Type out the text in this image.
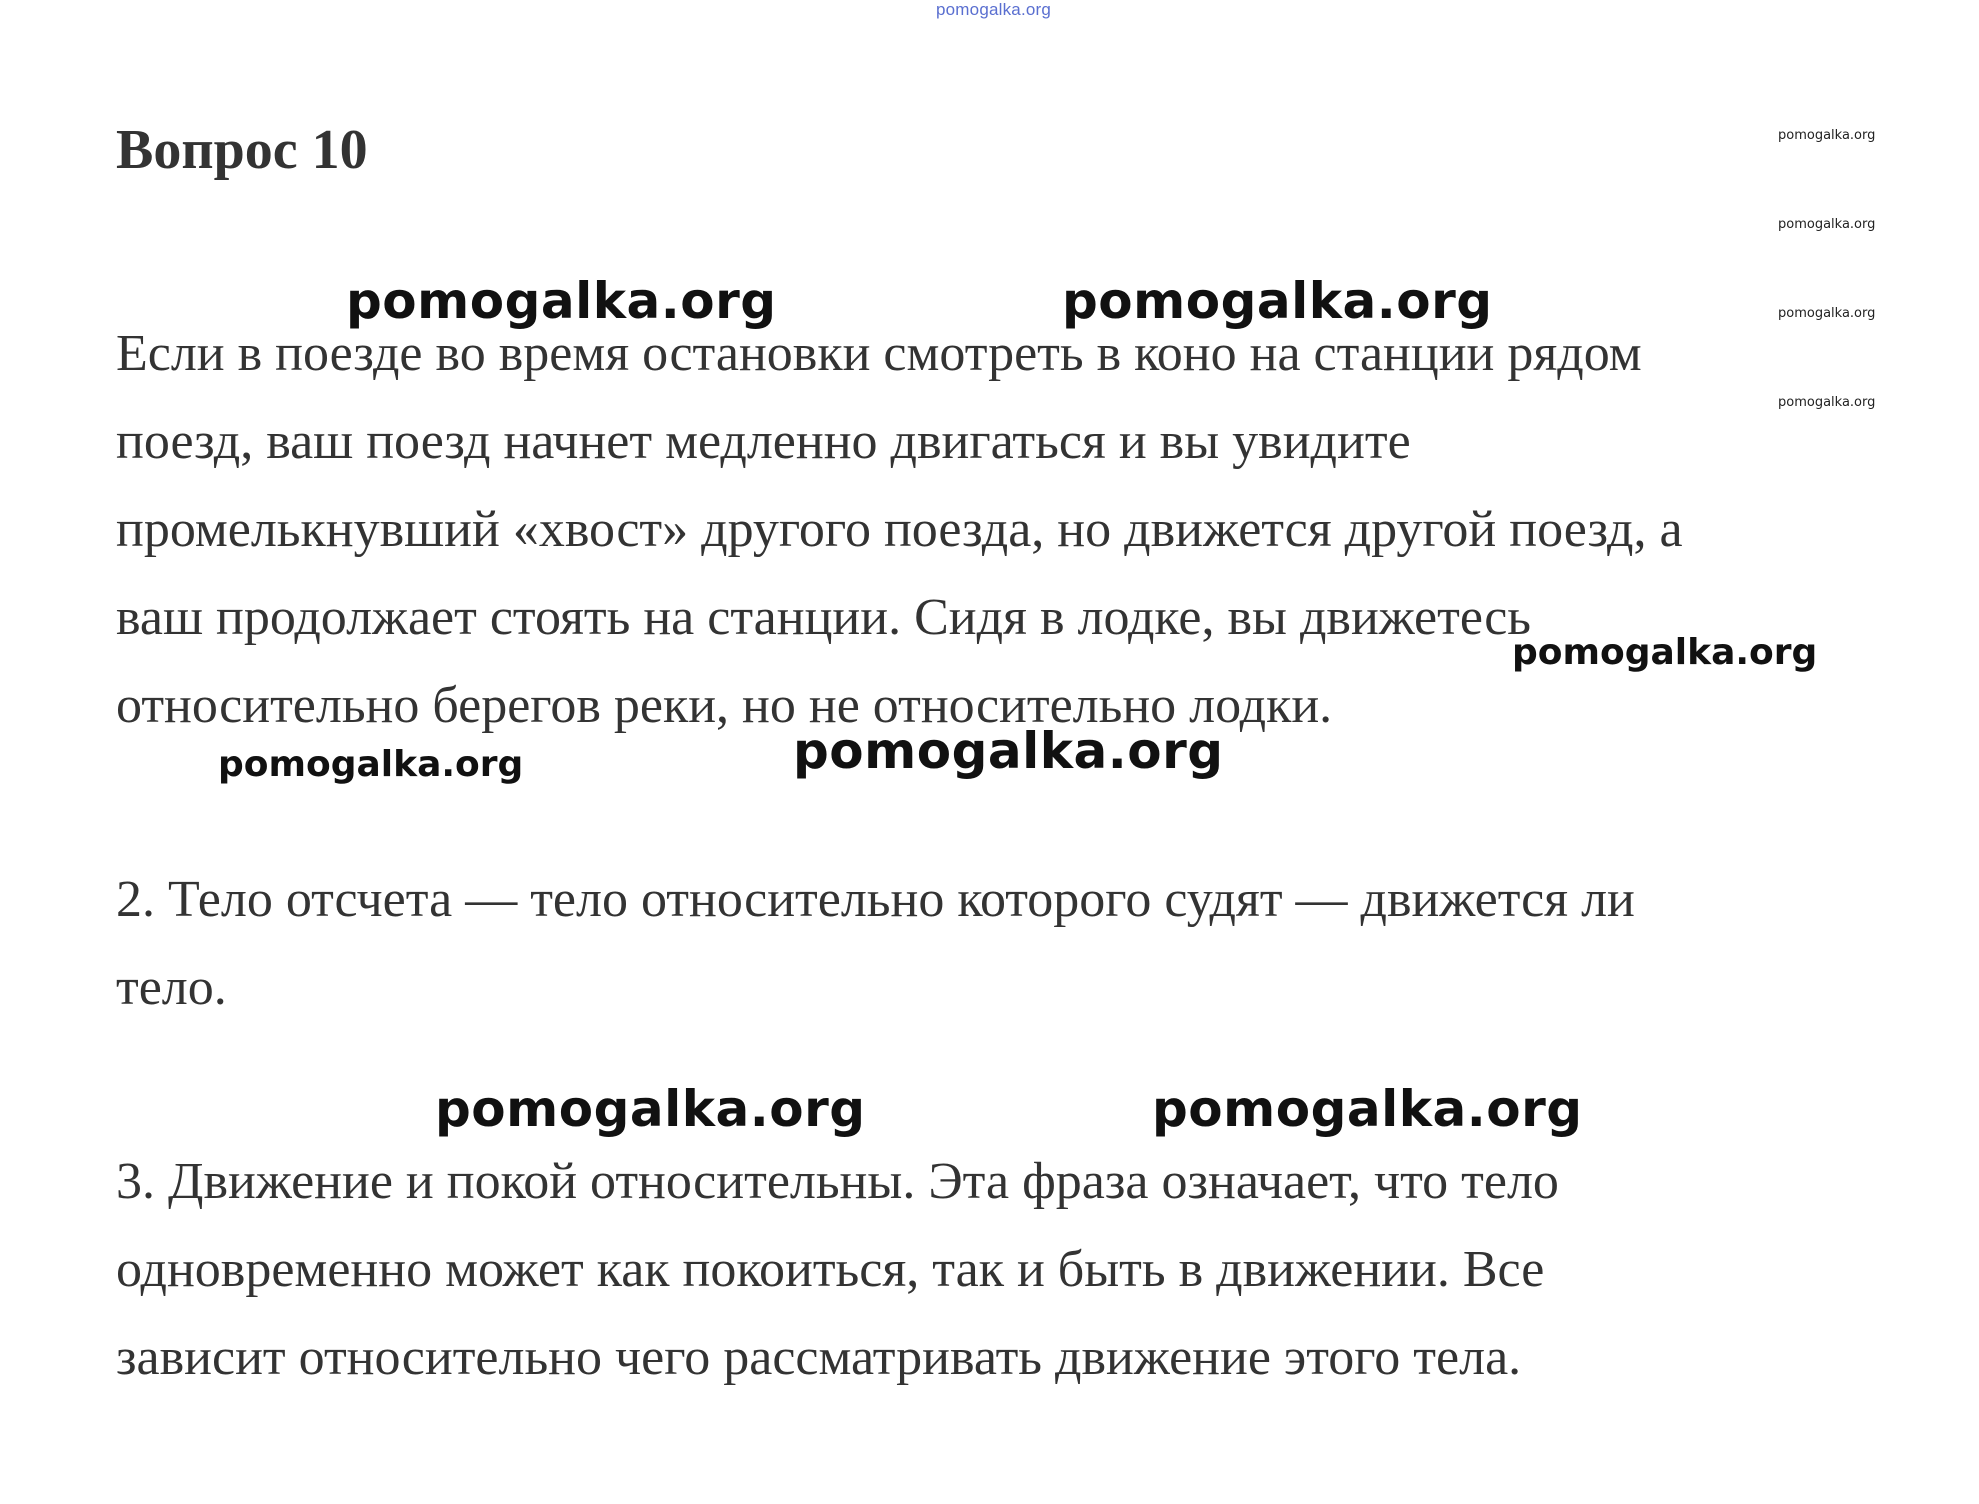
pomogalka.org
Вопрос 10
Если в поезде во время остановки смотреть в коно на станции рядом
поезд, ваш поезд начнет медленно двигаться и вы увидите
промелькнувший «хвост» другого поезда, но движется другой поезд, а
ваш продолжает стоять на станции. Сидя в лодке, вы движетесь
относительно берегов реки, но не относительно лодки.
2. Тело отсчета — тело относительно которого судят — движется ли
тело.
3. Движение и покой относительны. Эта фраза означает, что тело
одновременно может как покоиться, так и быть в движении. Все
зависит относительно чего рассматривать движение этого тела.
pomogalka.org
pomogalka.org
pomogalka.org
pomogalka.org
pomogalka.org	pomogalka.org
pomogalka.org
pomogalka.org	pomogalka.org
pomogalka.org
pomogalka.org
